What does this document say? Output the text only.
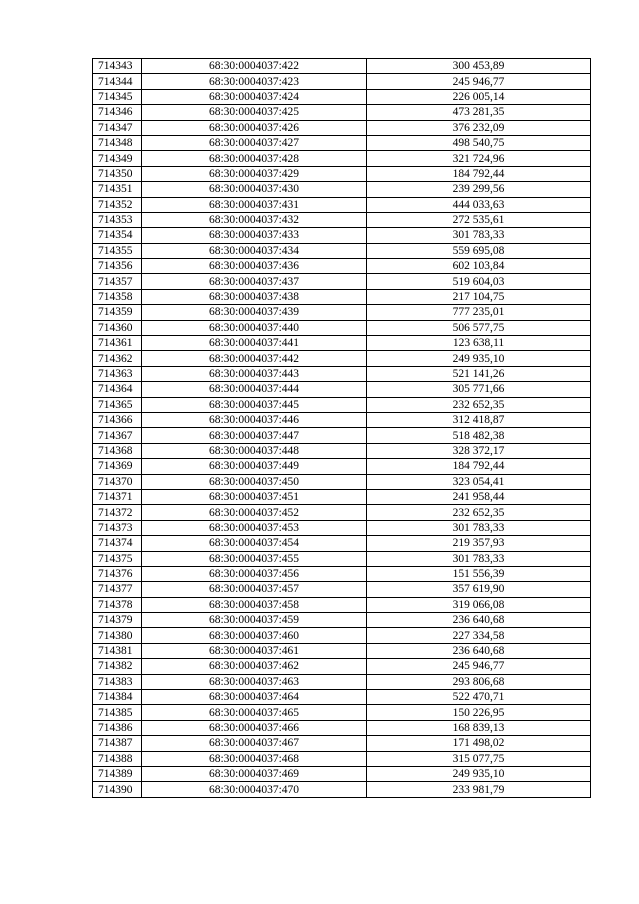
714343	68:30:0004037:422	300 453,89
714344	68:30:0004037:423	245 946,77
714345	68:30:0004037:424	226 005,14
714346	68:30:0004037:425	473 281,35
714347	68:30:0004037:426	376 232,09
714348	68:30:0004037:427	498 540,75
714349	68:30:0004037:428	321 724,96
714350	68:30:0004037:429	184 792,44
714351	68:30:0004037:430	239 299,56
714352	68:30:0004037:431	444 033,63
714353	68:30:0004037:432	272 535,61
714354	68:30:0004037:433	301 783,33
714355	68:30:0004037:434	559 695,08
714356	68:30:0004037:436	602 103,84
714357	68:30:0004037:437	519 604,03
714358	68:30:0004037:438	217 104,75
714359	68:30:0004037:439	777 235,01
714360	68:30:0004037:440	506 577,75
714361	68:30:0004037:441	123 638,11
714362	68:30:0004037:442	249 935,10
714363	68:30:0004037:443	521 141,26
714364	68:30:0004037:444	305 771,66
714365	68:30:0004037:445	232 652,35
714366	68:30:0004037:446	312 418,87
714367	68:30:0004037:447	518 482,38
714368	68:30:0004037:448	328 372,17
714369	68:30:0004037:449	184 792,44
714370	68:30:0004037:450	323 054,41
714371	68:30:0004037:451	241 958,44
714372	68:30:0004037:452	232 652,35
714373	68:30:0004037:453	301 783,33
714374	68:30:0004037:454	219 357,93
714375	68:30:0004037:455	301 783,33
714376	68:30:0004037:456	151 556,39
714377	68:30:0004037:457	357 619,90
714378	68:30:0004037:458	319 066,08
714379	68:30:0004037:459	236 640,68
714380	68:30:0004037:460	227 334,58
714381	68:30:0004037:461	236 640,68
714382	68:30:0004037:462	245 946,77
714383	68:30:0004037:463	293 806,68
714384	68:30:0004037:464	522 470,71
714385	68:30:0004037:465	150 226,95
714386	68:30:0004037:466	168 839,13
714387	68:30:0004037:467	171 498,02
714388	68:30:0004037:468	315 077,75
714389	68:30:0004037:469	249 935,10
714390	68:30:0004037:470	233 981,79
